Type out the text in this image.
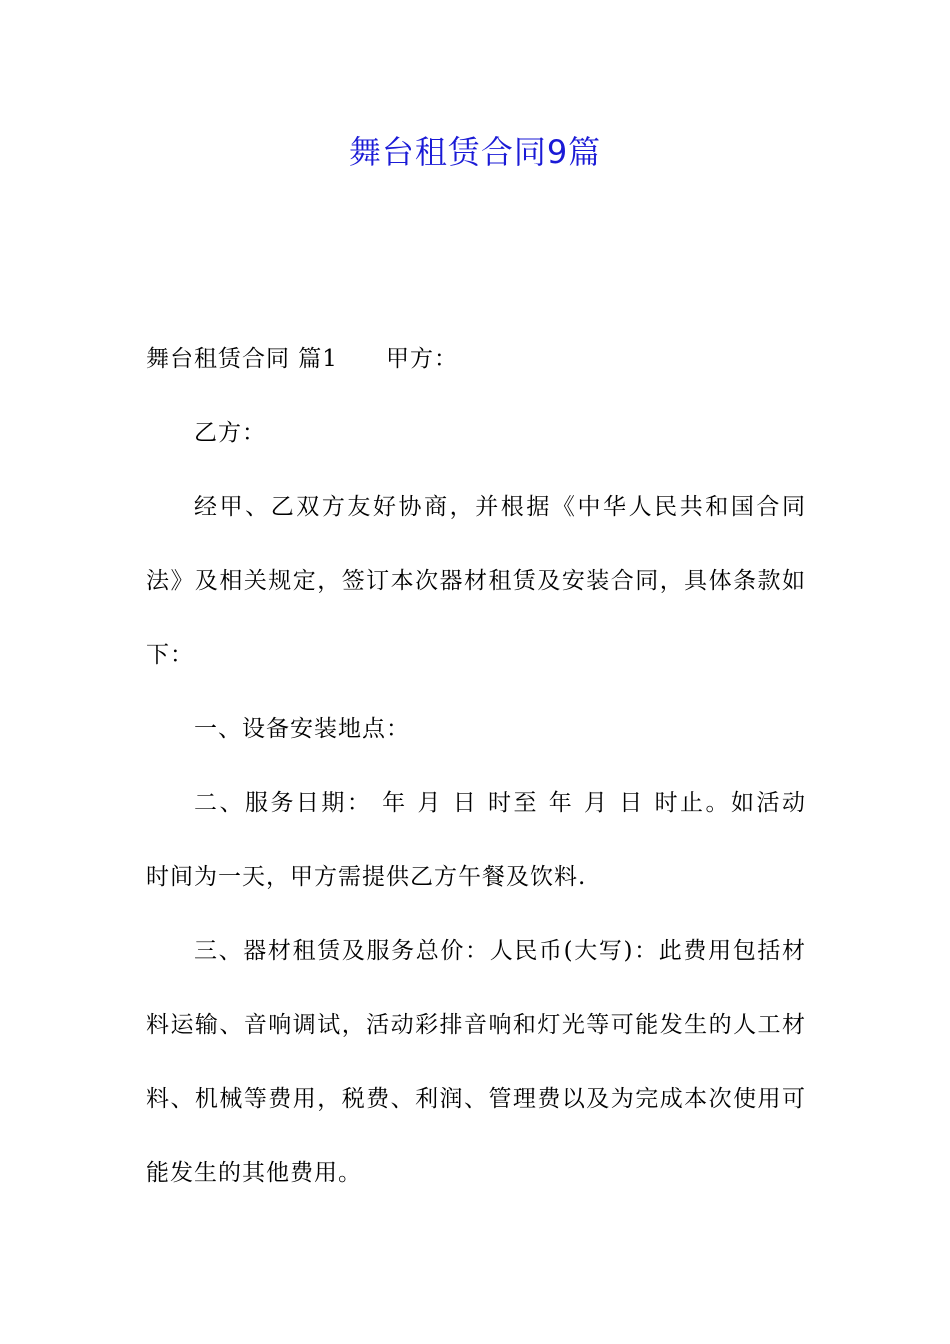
舞台租赁合同9篇
舞台租赁合同 篇1 甲方：
乙方：
经甲、乙双方友好协商，并根据《中华人民共和国合同
法》及相关规定，签订本次器材租赁及安装合同，具体条款如
下：
一、设备安装地点：
二、服务日期： 年 月 日 时至 年 月 日 时止。如活动
时间为一天，甲方需提供乙方午餐及饮料.
三、器材租赁及服务总价：人民币(大写)：此费用包括材
料运输、音响调试，活动彩排音响和灯光等可能发生的人工材
料、机械等费用，税费、利润、管理费以及为完成本次使用可
能发生的其他费用。
